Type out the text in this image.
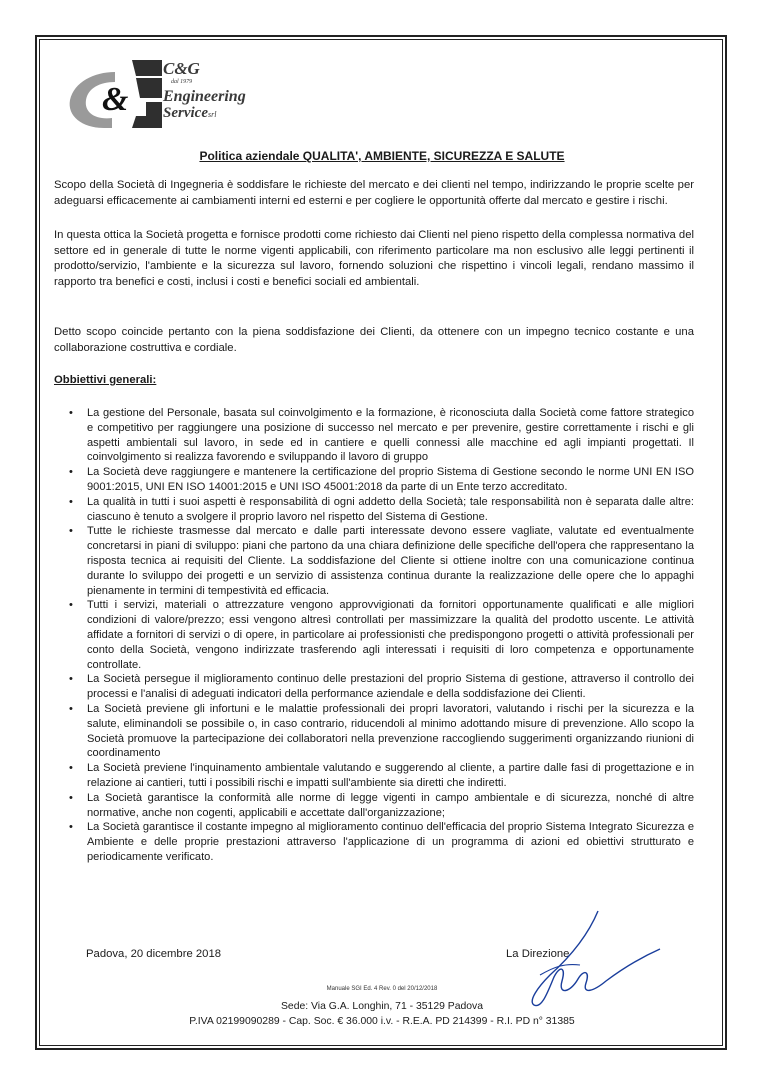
&
C&G
dal 1979
Engineering
Servicesrl
Politica aziendale QUALITA', AMBIENTE, SICUREZZA E SALUTE

Scopo della Società di Ingegneria è soddisfare le richieste del mercato e dei clienti nel tempo, indirizzando le proprie scelte per adeguarsi efficacemente ai cambiamenti interni ed esterni e per cogliere le opportunità offerte dal mercato e gestire i rischi.

In questa ottica la Società progetta e fornisce prodotti come richiesto dai Clienti nel pieno rispetto della complessa normativa del settore ed in generale di tutte le norme vigenti applicabili, con riferimento particolare ma non esclusivo alle leggi pertinenti il prodotto/servizio, l'ambiente e la sicurezza sul lavoro, fornendo soluzioni che rispettino i vincoli legali, rendano massimo il rapporto tra benefici e costi, inclusi i costi e benefici sociali ed ambientali.

Detto scopo coincide pertanto con la piena soddisfazione dei Clienti, da ottenere con un impegno tecnico costante e una collaborazione costruttiva e cordiale.

Obbiettivi generali:
• La gestione del Personale, basata sul coinvolgimento e la formazione, è riconosciuta dalla Società come fattore strategico e competitivo per raggiungere una posizione di successo nel mercato e per prevenire, gestire correttamente i rischi e gli aspetti ambientali sul lavoro, in sede ed in cantiere e quelli connessi alle macchine ed agli impianti progettati. Il coinvolgimento si realizza favorendo e sviluppando il lavoro di gruppo
• La Società deve raggiungere e mantenere la certificazione del proprio Sistema di Gestione secondo le norme UNI EN ISO 9001:2015, UNI EN ISO 14001:2015 e UNI ISO 45001:2018 da parte di un Ente terzo accreditato.
• La qualità in tutti i suoi aspetti è responsabilità di ogni addetto della Società; tale responsabilità non è separata dalle altre: ciascuno è tenuto a svolgere il proprio lavoro nel rispetto del Sistema di Gestione.
• Tutte le richieste trasmesse dal mercato e dalle parti interessate devono essere vagliate, valutate ed eventualmente concretarsi in piani di sviluppo: piani che partono da una chiara definizione delle specifiche dell'opera che rappresentano la risposta tecnica ai requisiti del Cliente. La soddisfazione del Cliente si ottiene inoltre con una comunicazione continua durante lo sviluppo dei progetti e un servizio di assistenza continua durante la realizzazione delle opere che lo appaghi pienamente in termini di tempestività ed efficacia.
• Tutti i servizi, materiali o attrezzature vengono approvvigionati da fornitori opportunamente qualificati e alle migliori condizioni di valore/prezzo; essi vengono altresì controllati per massimizzare la qualità del prodotto uscente. Le attività affidate a fornitori di servizi o di opere, in particolare ai professionisti che predispongono progetti o attività professionali per conto della Società, vengono indirizzate trasferendo agli interessati i requisiti di loro competenza e opportunamente controllate.
• La Società persegue il miglioramento continuo delle prestazioni del proprio Sistema di gestione, attraverso il controllo dei processi e l'analisi di adeguati indicatori della performance aziendale e della soddisfazione dei Clienti.
• La Società previene gli infortuni e le malattie professionali dei propri lavoratori, valutando i rischi per la sicurezza e la salute, eliminandoli se possibile o, in caso contrario, riducendoli al minimo adottando misure di prevenzione. Allo scopo la Società promuove la partecipazione dei collaboratori nella prevenzione raccogliendo suggerimenti organizzando riunioni di coordinamento
• La Società previene l'inquinamento ambientale valutando e suggerendo al cliente, a partire dalle fasi di progettazione e in relazione ai cantieri, tutti i possibili rischi e impatti sull'ambiente sia diretti che indiretti.
• La Società garantisce la conformità alle norme di legge vigenti in campo ambientale e di sicurezza, nonché di altre normative, anche non cogenti, applicabili e accettate dall'organizzazione;
• La Società garantisce il costante impegno al miglioramento continuo dell'efficacia del proprio Sistema Integrato Sicurezza e Ambiente e delle proprie prestazioni attraverso l'applicazione di un programma di azioni ed obiettivi strutturato e periodicamente verificato.
Padova, 20 dicembre 2018	La Direzione
Manuale SGI Ed. 4 Rev. 0 del 20/12/2018
Sede: Via G.A. Longhin, 71 - 35129 Padova
P.IVA 02199090289 - Cap. Soc. € 36.000 i.v. - R.E.A. PD 214399 - R.I. PD n° 31385
